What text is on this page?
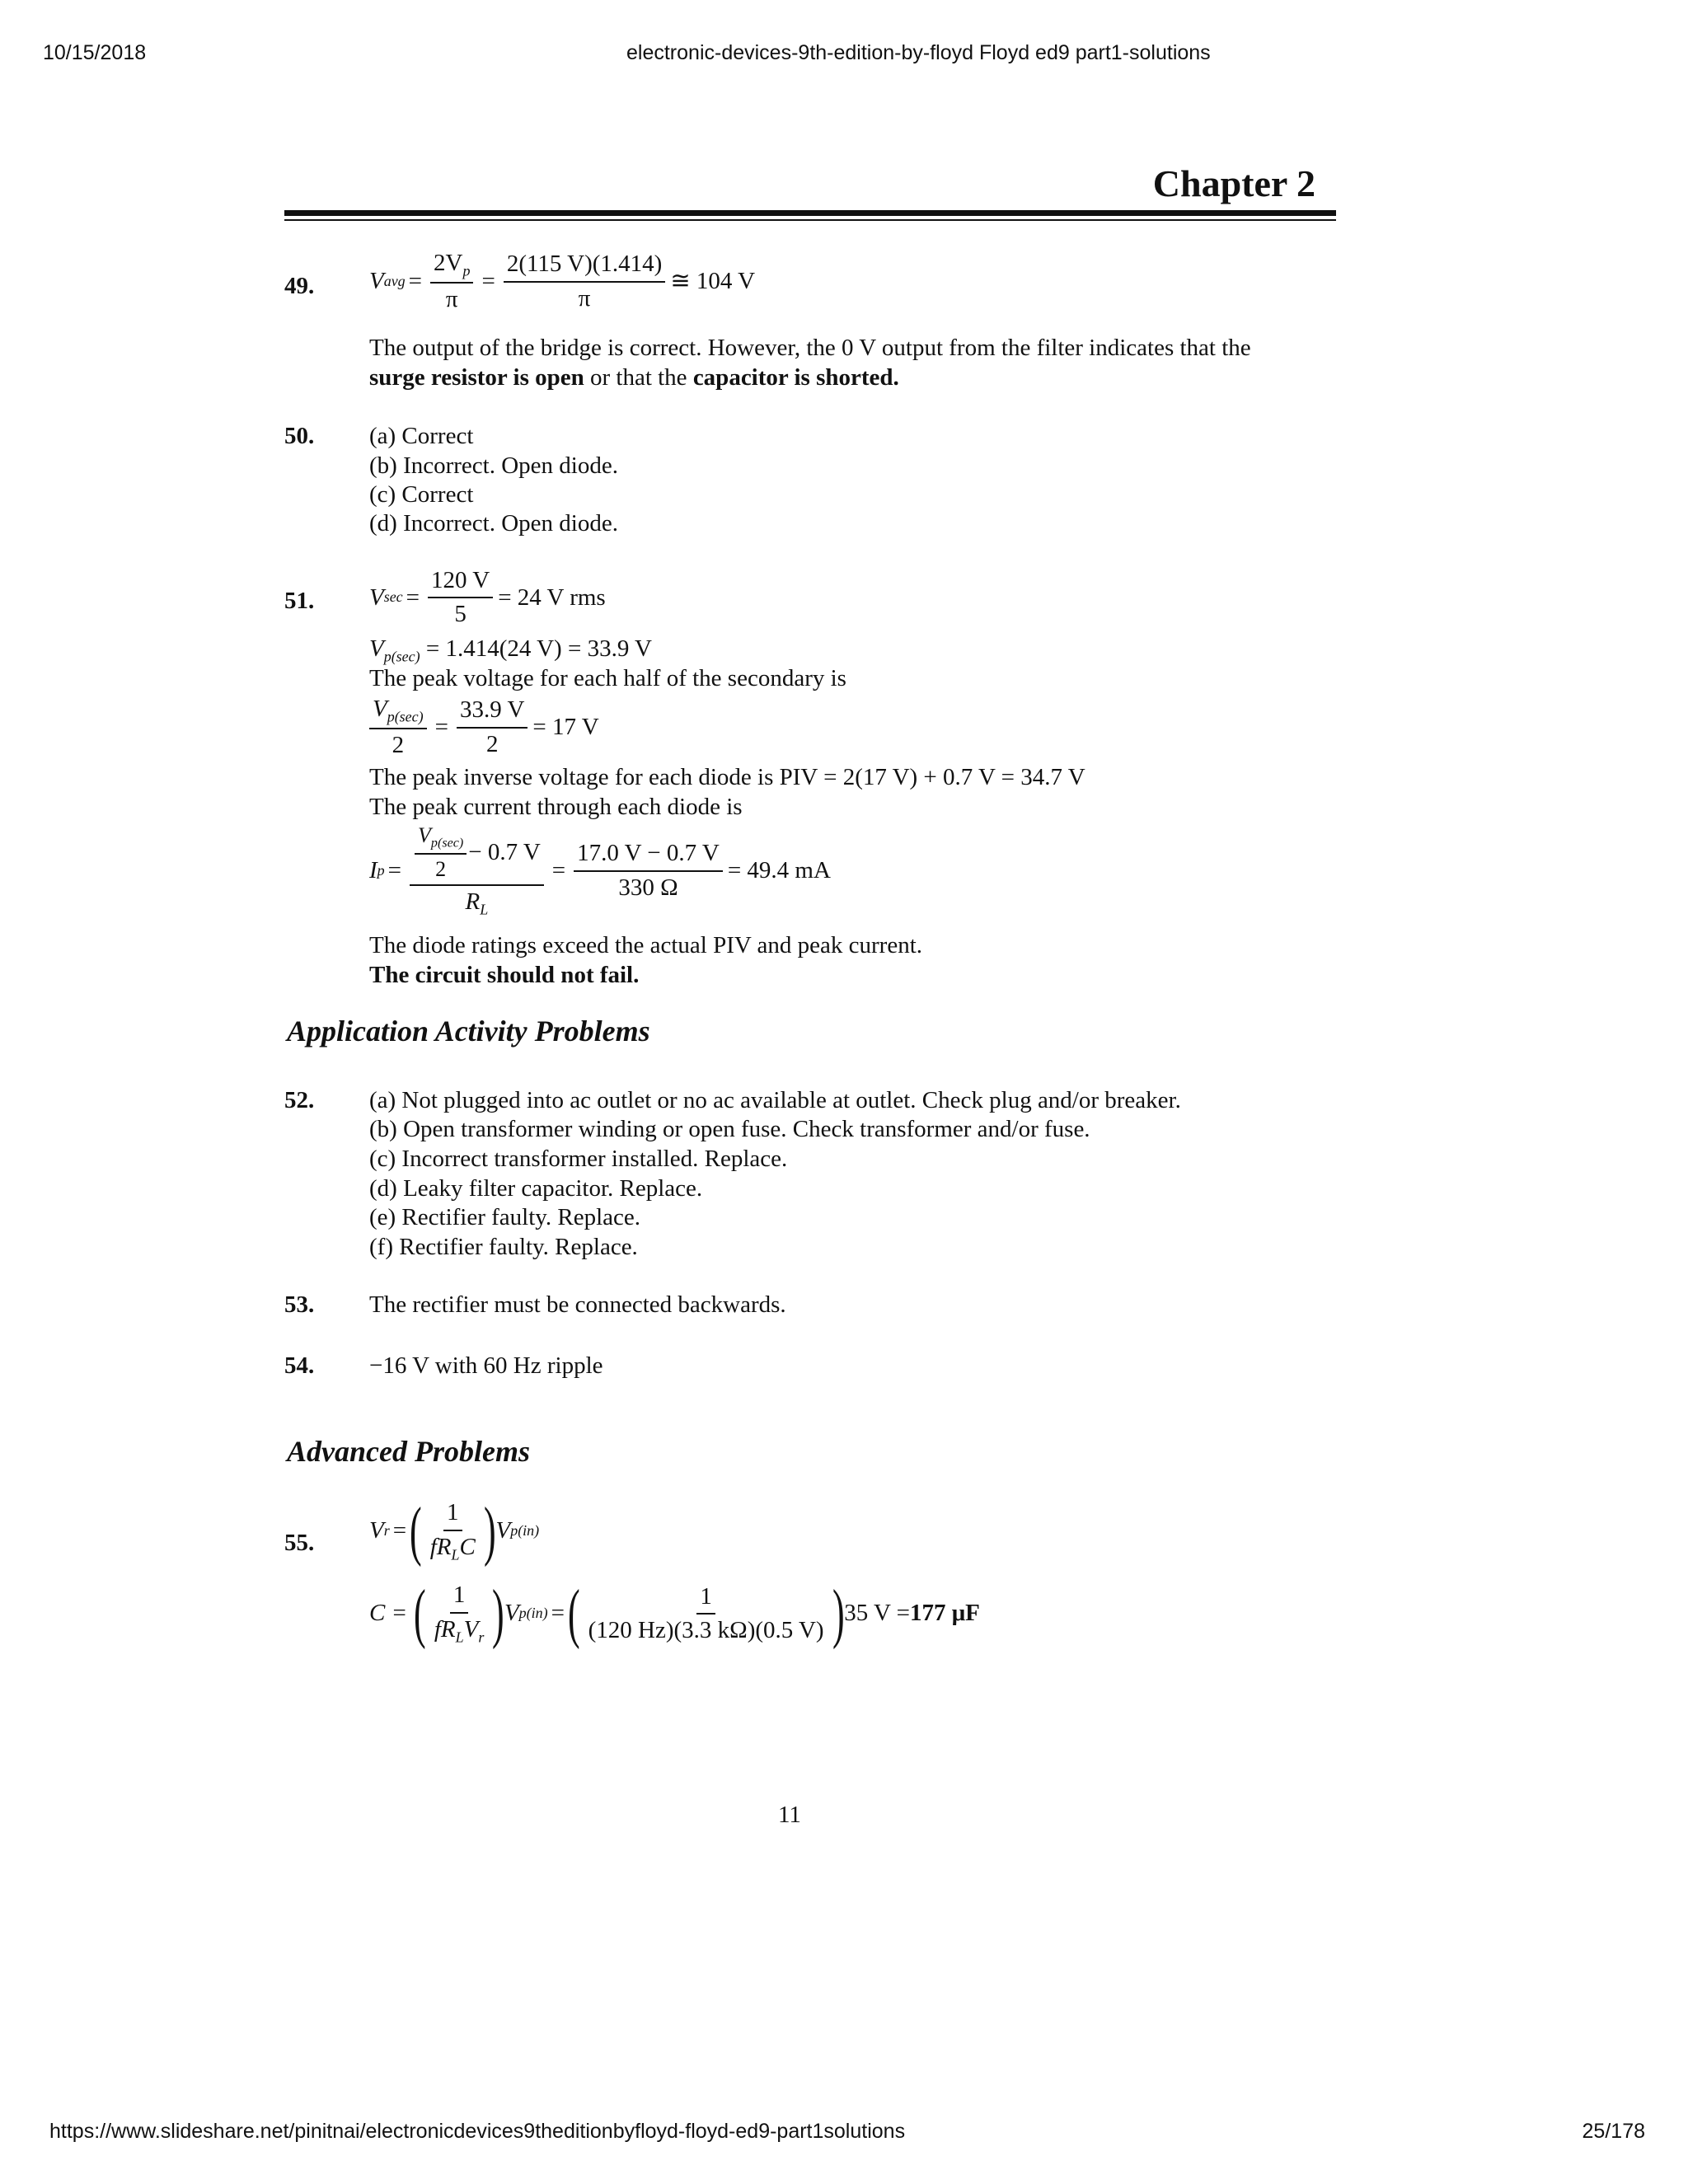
10/15/2018	electronic-devices-9th-edition-by-floyd Floyd ed9 part1-solutions
https://www.slideshare.net/pinitnai/electronicdevices9theditionbyfloyd-floyd-ed9-part1solutions	25/178
Chapter 2
49. V avg = $\frac{2V_p}{\pi} = \frac{2(115 V)(1.414)}{\pi}$ ≅ 104 V
The output of the bridge is correct. However, the 0 V output from the filter indicates that the
surge resistor is open or that the capacitor is shorted.
50. (a) Correct
(b) Incorrect. Open diode.
(c) Correct
(d) Incorrect. Open diode.
51. V $\sec = \frac{120 V}{5} = 24$ V rms
$V_{p(sec)} = 1.414(24$ V) = 33.9 V
The peak voltage for each half of the secondary is
$\frac{V_{p(sec)}}{2} = \frac{33.9 V}{2} = 17$ V
The peak inverse voltage for each diode is PIV = 2(17 V) + 0.7 V = 34.7 V
The peak current through each diode is
I $p = \frac{\frac{V_{p(sec)}}{2} - 0.7 V}{R_L} = \frac{17.0 V - 0.7 V}{330 \Omega} = 49.4$ mA
The diode ratings exceed the actual PIV and peak current.
The circuit should not fail.
Application Activity Problems
52. (a) Not plugged into ac outlet or no ac available at outlet. Check plug and/or breaker.
(b) Open transformer winding or open fuse. Check transformer and/or fuse.
(c) Incorrect transformer installed. Replace.
(d) Leaky filter capacitor. Replace.
(e) Rectifier faulty. Replace.
(f) Rectifier faulty. Replace.
53. The rectifier must be connected backwards.
54. −16 V with 60 Hz ripple
Advanced Problems
55. V r = ( $\frac{1}{fR_LC}$ ) V p(in)
C = ( $\frac{1}{fR_LV_r}$ ) V p(in) = ( $\frac{1}{(120 Hz)(3.3 k\Omega)(0.5 V)}$ ) 35 V = 177 μF
11
